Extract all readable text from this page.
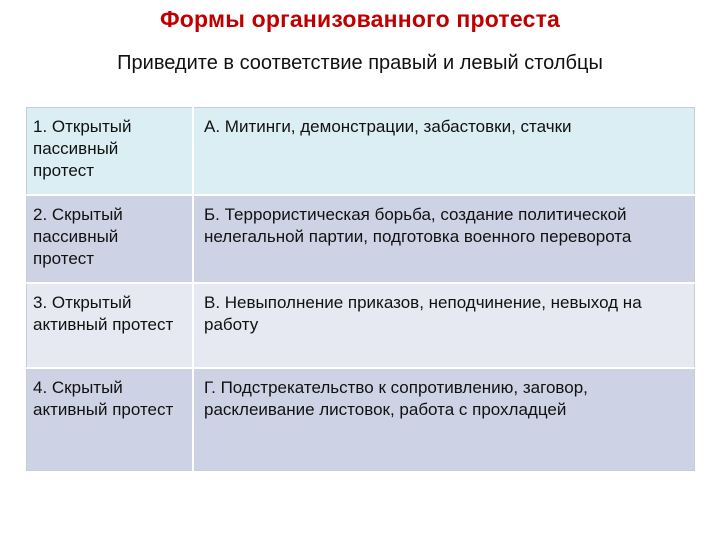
Формы организованного протеста
Приведите в соответствие правый и левый столбцы
1. Открытый пассивный протест	А. Митинги, демонстрации, забастовки, стачки
2. Скрытый пассивный протест	Б. Террористическая борьба, создание политической нелегальной партии, подготовка военного переворота
3. Открытый активный протест	В. Невыполнение приказов, неподчинение, невыход на работу
4. Скрытый активный протест	Г. Подстрекательство к сопротивлению, заговор, расклеивание листовок, работа с прохладцей
